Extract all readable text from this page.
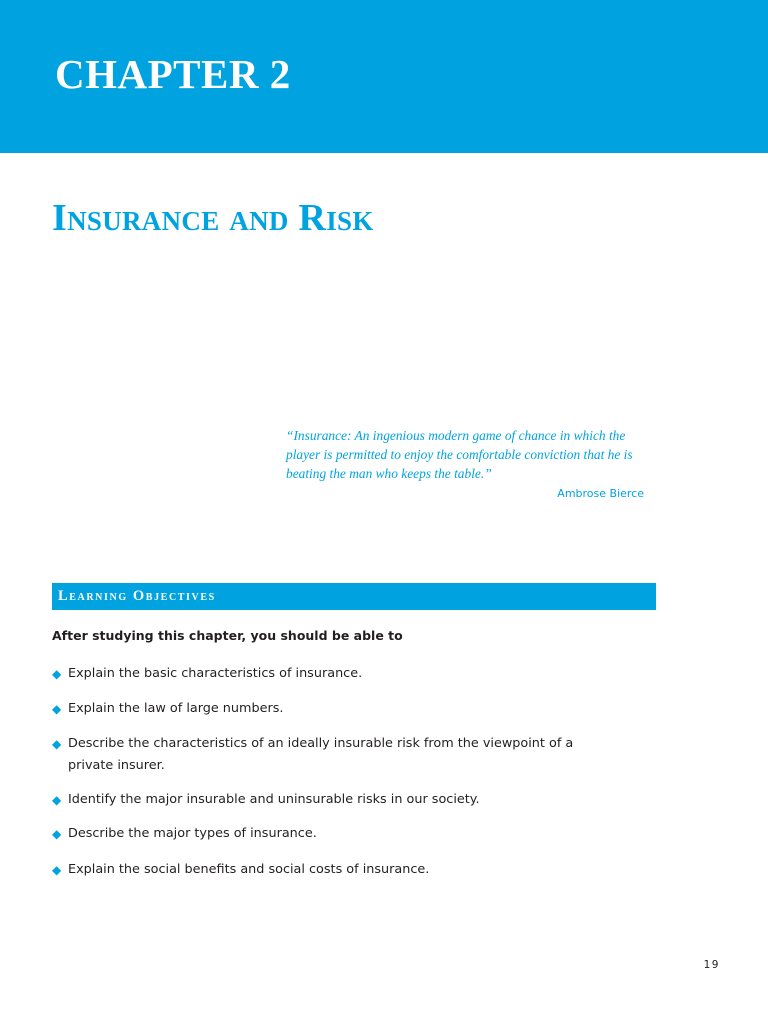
CHAPTER 2
Insurance and Risk

“Insurance: An ingenious modern game of chance in which the player is permitted to enjoy the comfortable conviction that he is beating the man who keeps the table.”

Ambrose Bierce

Learning Objectives

After studying this chapter, you should be able to

◆ Explain the basic characteristics of insurance.
◆ Explain the law of large numbers.
◆ Describe the characteristics of an ideally insurable risk from the viewpoint of a private insurer.
◆ Identify the major insurable and uninsurable risks in our society.
◆ Describe the major types of insurance.
◆ Explain the social benefits and social costs of insurance.
19
